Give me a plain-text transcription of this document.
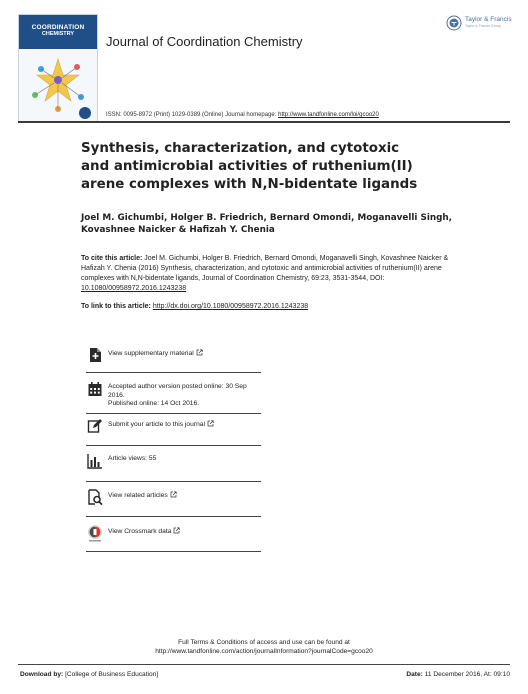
COORDINATION
CHEMISTRY	Journal of Coordination Chemistry
Taylor & Francis
Taylor & Francis Group
ISSN: 0095-8972 (Print) 1029-0389 (Online) Journal homepage: http://www.tandfonline.com/loi/gcoo20
Synthesis, characterization, and cytotoxic and antimicrobial activities of ruthenium(II) arene complexes with N,N-bidentate ligands
Joel M. Gichumbi, Holger B. Friedrich, Bernard Omondi, Moganavelli Singh, Kovashnee Naicker & Hafizah Y. Chenia
To cite this article: Joel M. Gichumbi, Holger B. Friedrich, Bernard Omondi, Moganavelli Singh, Kovashnee Naicker & Hafizah Y. Chenia (2016) Synthesis, characterization, and cytotoxic and antimicrobial activities of ruthenium(II) arene complexes with N,N-bidentate ligands, Journal of Coordination Chemistry, 69:23, 3531-3544, DOI: 10.1080/00958972.2016.1243238
To link to this article: http://dx.doi.org/10.1080/00958972.2016.1243238
View supplementary material
Accepted author version posted online: 30 Sep 2016.
Published online: 14 Oct 2016.
Submit your article to this journal
Article views: 55
View related articles
View Crossmark data
Full Terms & Conditions of access and use can be found at
http://www.tandfonline.com/action/journalInformation?journalCode=gcoo20
Download by: [College of Business Education]	Date: 11 December 2016, At: 09:10
